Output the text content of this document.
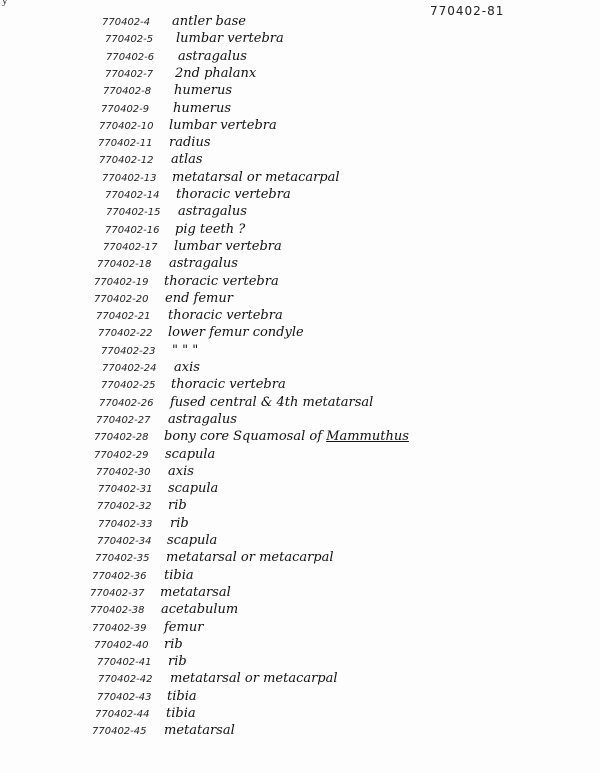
y
770402-81
770402-4 antler base
770402-5 lumbar vertebra
770402-6 astragalus
770402-7 2nd phalanx
770402-8 humerus
770402-9 humerus
770402-10 lumbar vertebra
770402-11 radius
770402-12 atlas
770402-13 metatarsal or metacarpal
770402-14 thoracic vertebra
770402-15 astragalus
770402-16 pig teeth ?
770402-17 lumbar vertebra
770402-18 astragalus
770402-19 thoracic vertebra
770402-20 end femur
770402-21 thoracic vertebra
770402-22 lower femur condyle
770402-23 " " "
770402-24 axis
770402-25 thoracic vertebra
770402-26 fused central & 4th metatarsal
770402-27 astragalus
770402-28 bony core Squamosal of Mammuthus
770402-29 scapula
770402-30 axis
770402-31 scapula
770402-32 rib
770402-33 rib
770402-34 scapula
770402-35 metatarsal or metacarpal
770402-36 tibia
770402-37 metatarsal
770402-38 acetabulum
770402-39 femur
770402-40 rib
770402-41 rib
770402-42 metatarsal or metacarpal
770402-43 tibia
770402-44 tibia
770402-45 metatarsal
